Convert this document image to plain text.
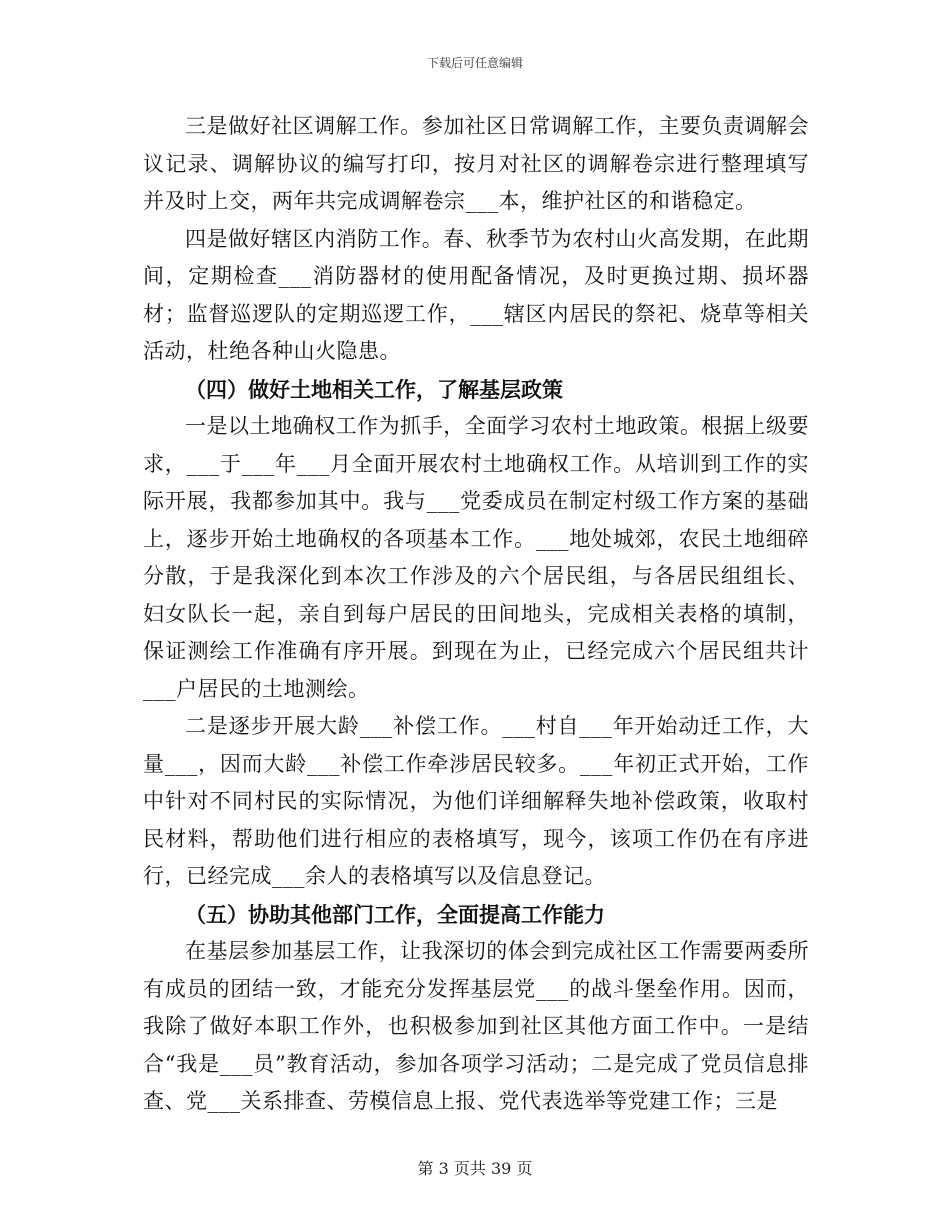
下载后可任意编辑

三是做好社区调解工作。参加社区日常调解工作，主要负责调解会议记录、调解协议的编写打印，按月对社区的调解卷宗进行整理填写并及时上交，两年共完成调解卷宗___本，维护社区的和谐稳定。

四是做好辖区内消防工作。春、秋季节为农村山火高发期，在此期间，定期检查___消防器材的使用配备情况，及时更换过期、损坏器材；监督巡逻队的定期巡逻工作，___辖区内居民的祭祀、烧草等相关活动，杜绝各种山火隐患。

（四）做好土地相关工作，了解基层政策

一是以土地确权工作为抓手，全面学习农村土地政策。根据上级要求，___于___年___月全面开展农村土地确权工作。从培训到工作的实际开展，我都参加其中。我与___党委成员在制定村级工作方案的基础上，逐步开始土地确权的各项基本工作。___地处城郊，农民土地细碎分散，于是我深化到本次工作涉及的六个居民组，与各居民组组长、妇女队长一起，亲自到每户居民的田间地头，完成相关表格的填制，保证测绘工作准确有序开展。到现在为止，已经完成六个居民组共计___户居民的土地测绘。

二是逐步开展大龄___补偿工作。___村自___年开始动迁工作，大量___，因而大龄___补偿工作牵涉居民较多。___年初正式开始，工作中针对不同村民的实际情况，为他们详细解释失地补偿政策，收取村民材料，帮助他们进行相应的表格填写，现今，该项工作仍在有序进行，已经完成___余人的表格填写以及信息登记。

（五）协助其他部门工作，全面提高工作能力

在基层参加基层工作，让我深切的体会到完成社区工作需要两委所有成员的团结一致，才能充分发挥基层党___的战斗堡垒作用。因而，我除了做好本职工作外，也积极参加到社区其他方面工作中。一是结合“我是___员”教育活动，参加各项学习活动；二是完成了党员信息排查、党___关系排查、劳模信息上报、党代表选举等党建工作；三是

第 3 页共 39 页
